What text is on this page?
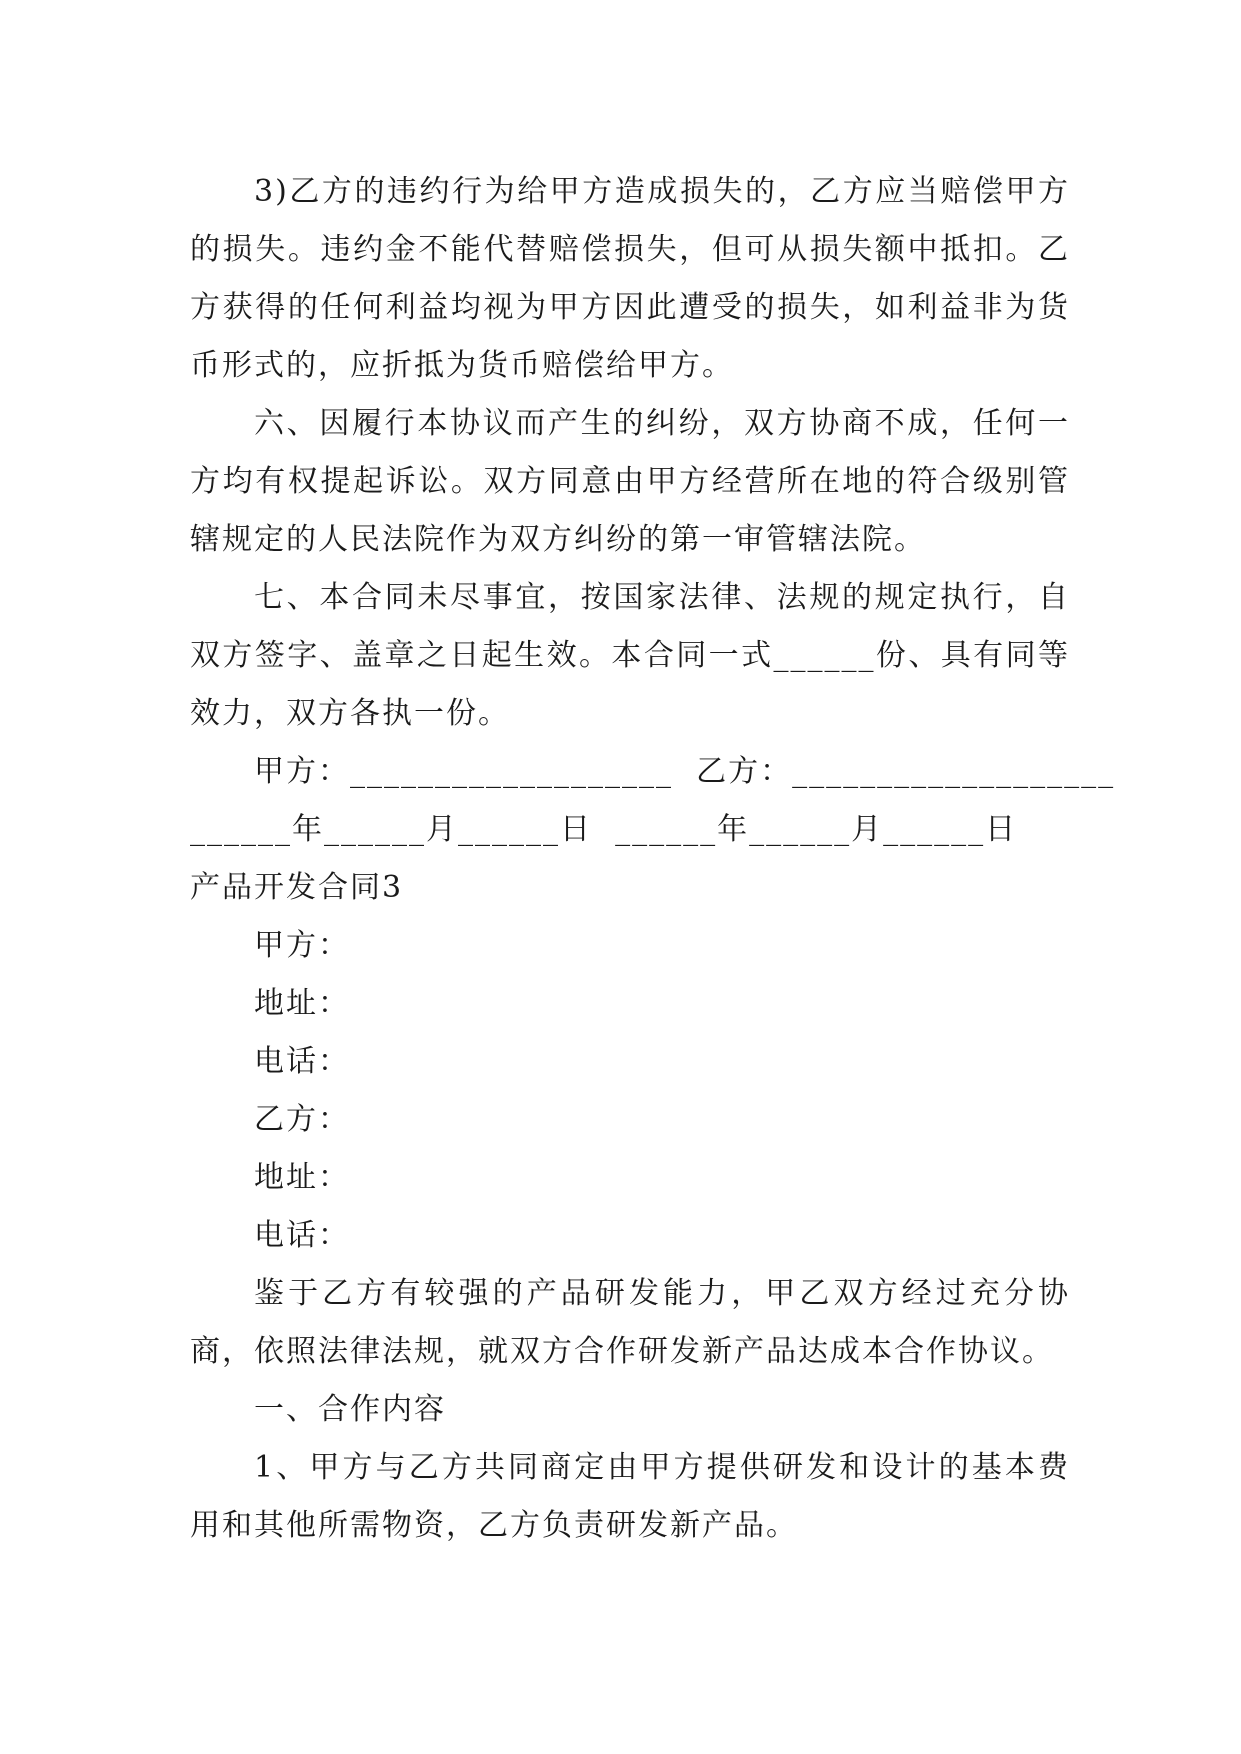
3)乙方的违约行为给甲方造成损失的，乙方应当赔偿甲方的损失。违约金不能代替赔偿损失，但可从损失额中抵扣。乙方获得的任何利益均视为甲方因此遭受的损失，如利益非为货币形式的，应折抵为货币赔偿给甲方。

六、因履行本协议而产生的纠纷，双方协商不成，任何一方均有权提起诉讼。双方同意由甲方经营所在地的符合级别管辖规定的人民法院作为双方纠纷的第一审管辖法院。

七、本合同未尽事宜，按国家法律、法规的规定执行，自双方签字、盖章之日起生效。本合同一式______份、具有同等效力，双方各执一份。

甲方：___________________  乙方：___________________

______年______月______日  ______年______月______日

产品开发合同3

甲方：

地址：

电话：

乙方：

地址：

电话：

鉴于乙方有较强的产品研发能力，甲乙双方经过充分协商，依照法律法规，就双方合作研发新产品达成本合作协议。

一、合作内容

1、甲方与乙方共同商定由甲方提供研发和设计的基本费用和其他所需物资，乙方负责研发新产品。
